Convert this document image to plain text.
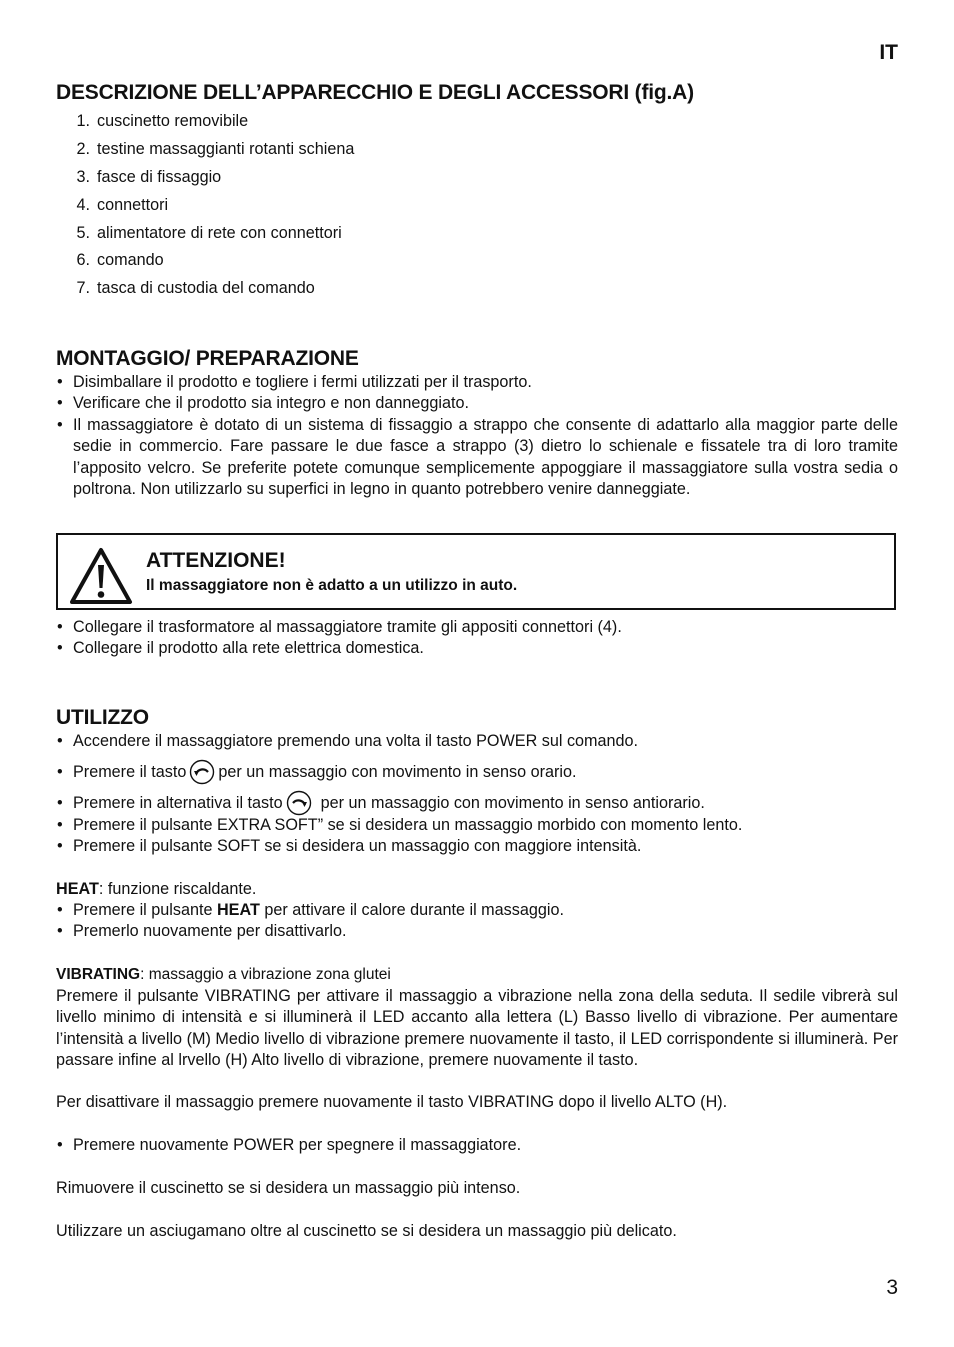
IT
DESCRIZIONE DELL’APPARECCHIO E DEGLI ACCESSORI (fig.A)
1. cuscinetto removibile
2. testine massaggianti rotanti schiena
3. fasce di fissaggio
4. connettori
5. alimentatore di rete con connettori
6. comando
7. tasca di custodia del comando
MONTAGGIO/ PREPARAZIONE
• Disimballare il prodotto e togliere i fermi utilizzati per il trasporto.
• Verificare che il prodotto sia integro e non danneggiato.
• Il massaggiatore è dotato di un sistema di fissaggio a strappo che consente di adattarlo alla maggior parte delle sedie in commercio. Fare passare le due fasce a strappo (3) dietro lo schienale e fissatele tra di loro tramite l’apposito velcro. Se preferite potete comunque semplicemente appoggiare il massaggiatore sulla vostra sedia o poltrona. Non utilizzarlo su superfici in legno in quanto potrebbero venire danneggiate.
ATTENZIONE!
Il massaggiatore non è adatto a un utilizzo in auto.
• Collegare il trasformatore al massaggiatore tramite gli appositi connettori (4).
• Collegare il prodotto alla rete elettrica domestica.
UTILIZZO
• Accendere il massaggiatore premendo una volta il tasto POWER sul comando.
• Premere il tasto per un massaggio con movimento in senso orario.
• Premere in alternativa il tasto per un massaggio con movimento in senso antiorario.
• Premere il pulsante EXTRA SOFT” se si desidera un massaggio morbido con momento lento.
• Premere il pulsante SOFT se si desidera un massaggio con maggiore intensità.
HEAT: funzione riscaldante.
• Premere il pulsante HEAT per attivare il calore durante il massaggio.
• Premerlo nuovamente per disattivarlo.
VIBRATING: massaggio a vibrazione zona glutei
Premere il pulsante VIBRATING per attivare il massaggio a vibrazione nella zona della seduta. Il sedile vibrerà sul livello minimo di intensità e si illuminerà il LED accanto alla lettera (L) Basso livello di vibrazione. Per aumentare l’intensità a livello (M) Medio livello di vibrazione premere nuovamente il tasto, il LED corrispondente si illuminerà. Per passare infine al lrvello (H) Alto livello di vibrazione, premere nuovamente il tasto.
Per disattivare il massaggio premere nuovamente il tasto VIBRATING dopo il livello ALTO (H).
• Premere nuovamente POWER per spegnere il massaggiatore.
Rimuovere il cuscinetto se si desidera un massaggio più intenso.
Utilizzare un asciugamano oltre al cuscinetto se si desidera un massaggio più delicato.
3
